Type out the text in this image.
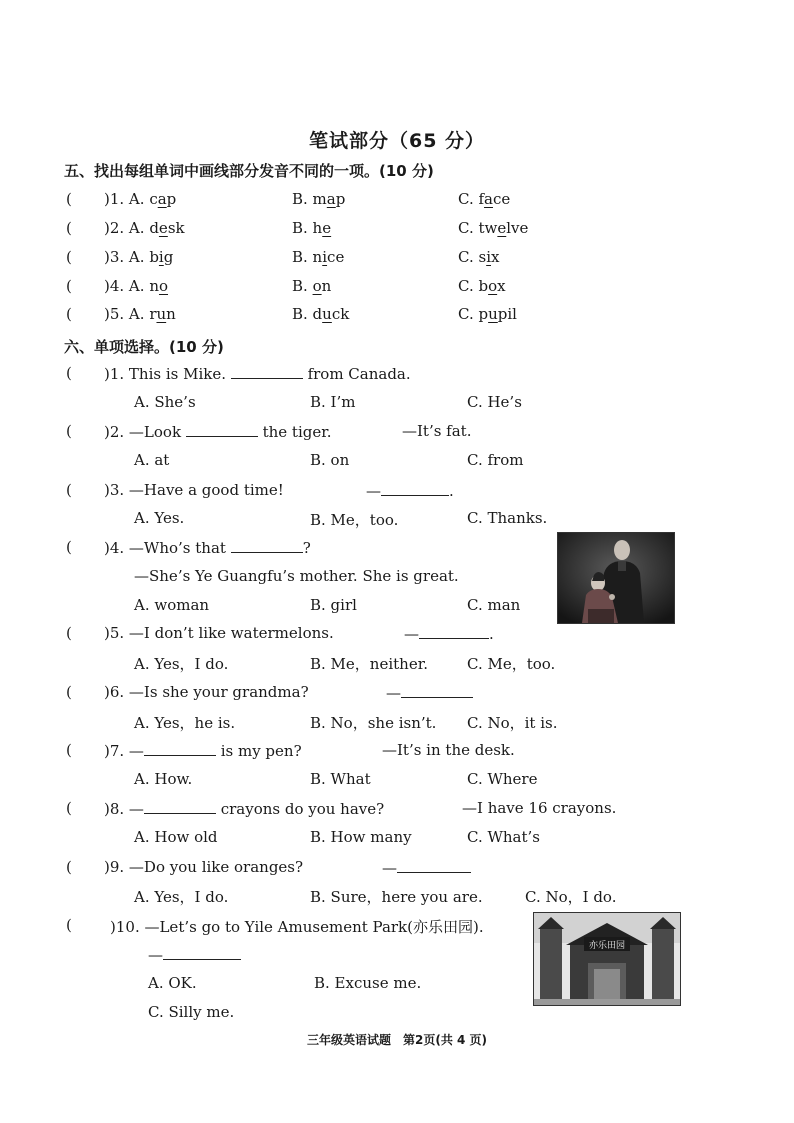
笔试部分（65 分）
五、找出每组单词中画线部分发音不同的一项。(10 分)
( )1. A. cap	B. map	C. face
( )2. A. desk	B. he	C. twelve
( )3. A. big	B. nice	C. six
( )4. A. no	B. on	C. box
( )5. A. run	B. duck	C. pupil
六、单项选择。(10 分)
( )1. This is Mike.	from Canada.
A. She’s	B. I’m	C. He’s
( )2. —Look	the tiger.	—It’s fat.
A. at	B. on	C. from
( )3. —Have a good time!	—	.
A. Yes.	B. Me，too.	C. Thanks.
( )4. —Who’s that	?
—She’s Ye Guangfu’s mother. She is great.
A. woman	B. girl	C. man
( )5. —I don’t like watermelons.	—	.
A. Yes，I do.	B. Me，neither.	C. Me，too.
( )6. —Is she your grandma?	—
A. Yes，he is.	B. No，she isn’t. C. No，it is.
( )7. —	is my pen?	—It’s in the desk.
A. How.	B. What	C. Where
( )8. —	crayons do you have?	—I have 16 crayons.
A. How old	B. How many	C. What’s
( )9. —Do you like oranges?	—
A. Yes，I do.	B. Sure，here you are.	C. No，I do.
(	)10. —Let’s go to Yile Amusement Park(亦乐田园).
—
A. OK.	B. Excuse me.
C. Silly me.
亦乐田园
三年级英语试题　第2页(共 4 页)
